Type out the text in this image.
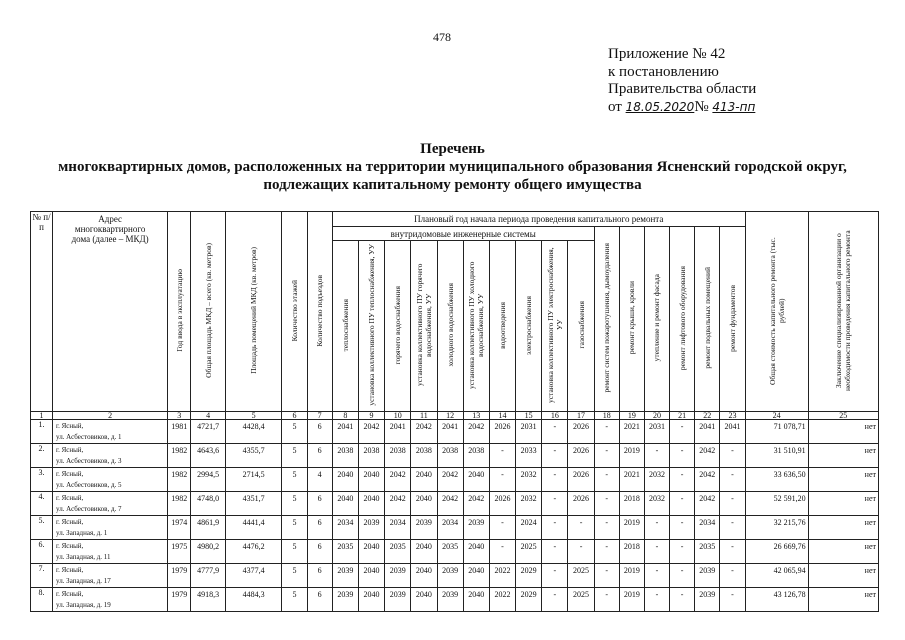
478
Приложение № 42
к постановлению
Правительства области
от 18.05.2020№ 413-пп
Перечень
многоквартирных домов, расположенных на территории муниципального образования Ясненский городской округ,
подлежащих капитальному ремонту общего имущества
№ п/п	Адрес многоквартирного дома (далее – МКД)	Год ввода в эксплуатацию	Общая площадь МКД – всего (кв. метров)	Площадь помещений МКД (кв. метров)	Количество этажей	Количество подъездов	Плановый год начала периода проведения капитального ремонта																Общая стоимость капитального ремонта (тыс. рублей)	Заключение специализированной организации о необходимости проведения капитального ремонта

							внутридомовые инженерные системы										ремонт систем пожаротушения, дымоудаления	ремонт крыши, кровли	утепление и ремонт фасада	ремонт лифтового оборудования	ремонт подвальных помещений	ремонт фундаментов		
							теплоснабжения	установка коллективного ПУ теплоснабжения, УУ	горячего водоснабжения	установка коллективного ПУ горячего водоснабжения, УУ	холодного водоснабжения	установка коллективного ПУ холодного водоснабжения, УУ	водоотведения	электроснабжения	установка коллективного ПУ электроснабжения, УУ	газоснабжения								
1	2	3	4	5	6	7	8	9	10	11	12	13	14	15	16	17	18	19	20	21	22	23	24	25
1.	г. Ясный,
ул. Асбестовиков, д. 1	1981	4721,7	4428,4	5	6	2041	2042	2041	2042	2041	2042	2026	2031	-	2026	-	2021	2031	-	2041	2041	71 078,71	нет
2.	г. Ясный,
ул. Асбестовиков, д. 3	1982	4643,6	4355,7	5	6	2038	2038	2038	2038	2038	2038	-	2033	-	2026	-	2019	-	-	2042	-	31 510,91	нет
3.	г. Ясный,
ул. Асбестовиков, д. 5	1982	2994,5	2714,5	5	4	2040	2040	2042	2040	2042	2040	-	2032	-	2026	-	2021	2032	-	2042	-	33 636,50	нет
4.	г. Ясный,
ул. Асбестовиков, д. 7	1982	4748,0	4351,7	5	6	2040	2040	2042	2040	2042	2042	2026	2032	-	2026	-	2018	2032	-	2042	-	52 591,20	нет
5.	г. Ясный,
ул. Западная, д. 1	1974	4861,9	4441,4	5	6	2034	2039	2034	2039	2034	2039	-	2024	-	-	-	2019	-	-	2034	-	32 215,76	нет
6.	г. Ясный,
ул. Западная, д. 11	1975	4980,2	4476,2	5	6	2035	2040	2035	2040	2035	2040	-	2025	-	-	-	2018	-	-	2035	-	26 669,76	нет
7.	г. Ясный,
ул. Западная, д. 17	1979	4777,9	4377,4	5	6	2039	2040	2039	2040	2039	2040	2022	2029	-	2025	-	2019	-	-	2039	-	42 065,94	нет
8.	г. Ясный,
ул. Западная, д. 19	1979	4918,3	4484,3	5	6	2039	2040	2039	2040	2039	2040	2022	2029	-	2025	-	2019	-	-	2039	-	43 126,78	нет
